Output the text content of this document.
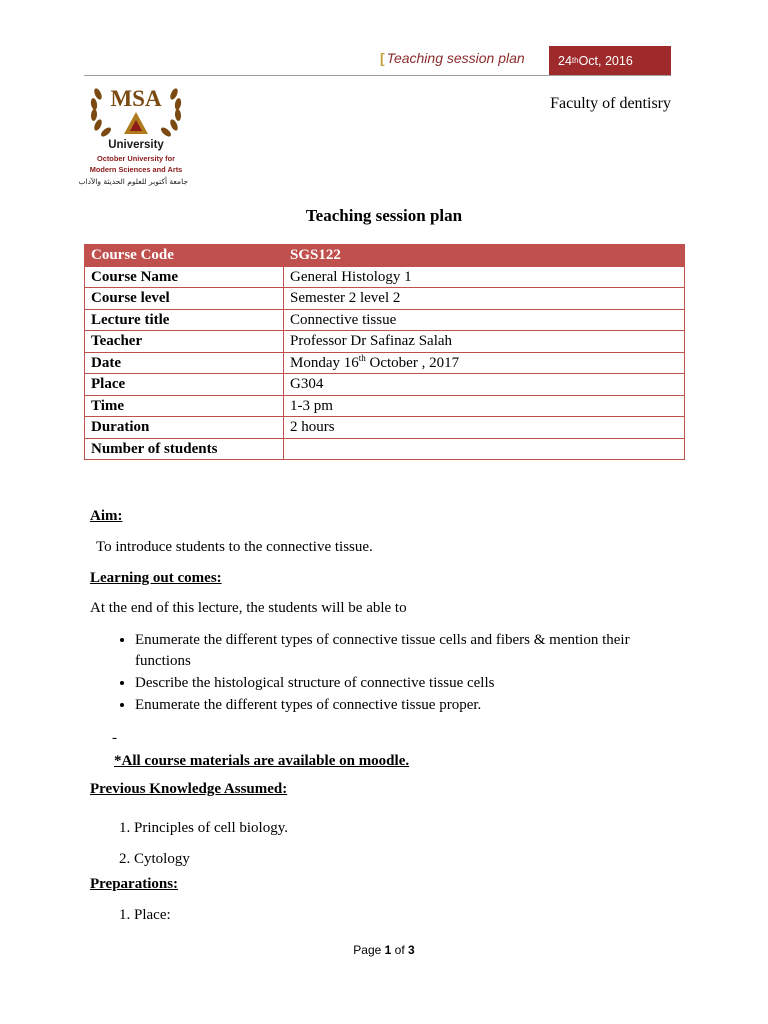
[ Teaching session plan	24 th Oct, 2016
MSA
University
October University for
Modern Sciences and Arts
جامعة أكتوبر للعلوم الحديثة والآداب
Faculty of dentisry
Teaching session plan
Course Code	SGS122
Course Name	General Histology 1
Course level	Semester 2 level 2
Lecture title	Connective tissue
Teacher	Professor Dr Safinaz Salah
Date	Monday 16th October , 2017
Place	G304
Time	1-3 pm
Duration	2 hours
Number of students	
Aim:
To introduce students to the connective tissue.
Learning out comes:
At the end of this lecture, the students will be able to
• Enumerate the different types of connective tissue cells and fibers & mention their functions
• Describe the histological structure of connective tissue cells
• Enumerate the different types of connective tissue proper.
-
*All course materials are available on moodle.
Previous Knowledge Assumed:
1. Principles of cell biology.
2. Cytology
Preparations:
1. Place:
Page 1 of 3
